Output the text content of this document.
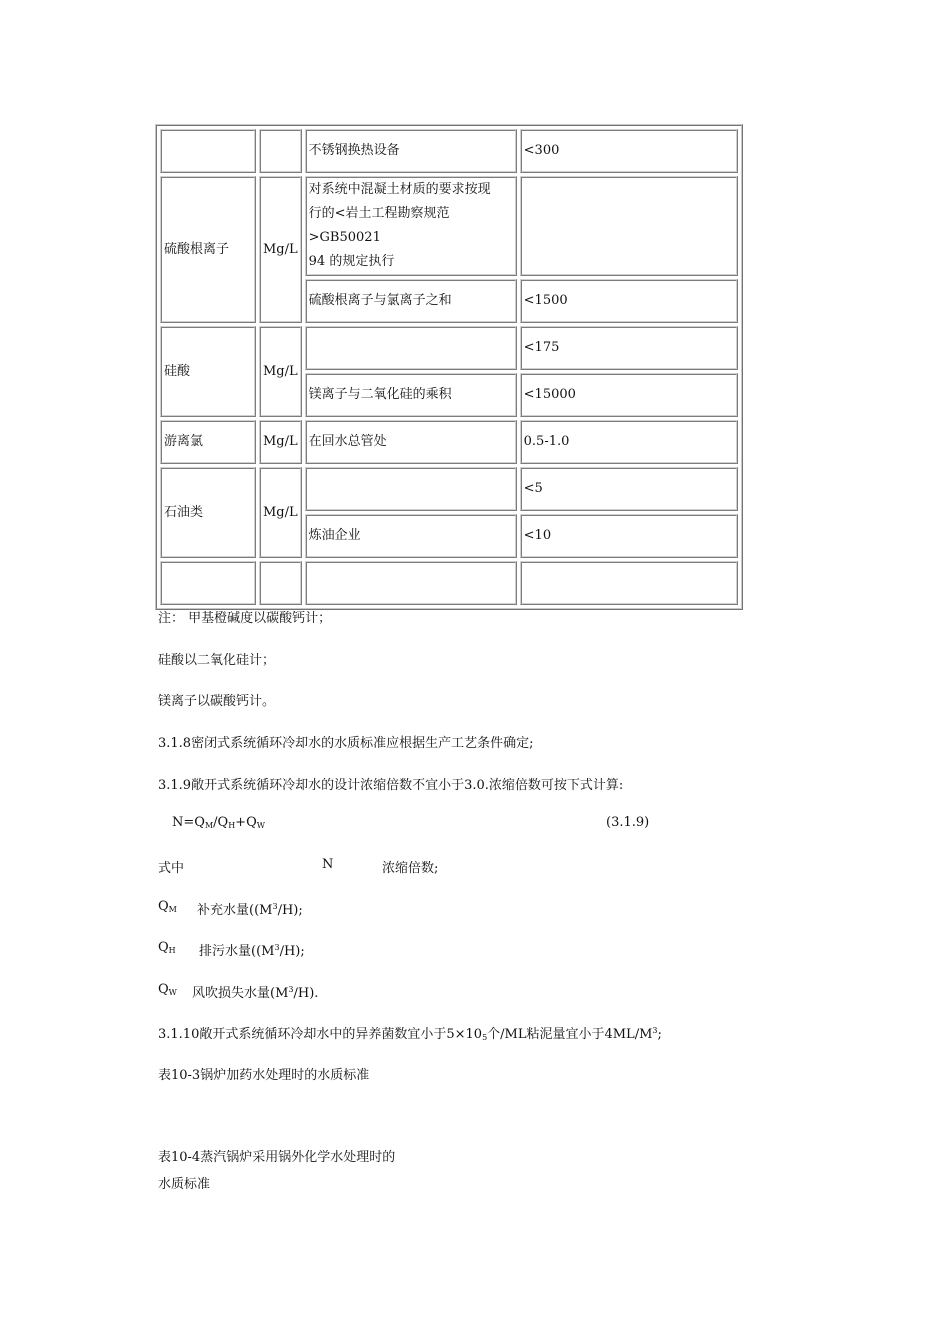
		不锈钢换热设备	<300
硫酸根离子	Mg/L	对系统中混凝土材质的要求按现
行的<岩土工程勘察规范>GB50021
94 的规定执行	

		硫酸根离子与氯离子之和	<1500
硅酸	Mg/L		<175
		镁离子与二氧化硅的乘积	<15000
游离氯	Mg/L	在回水总管处	0.5-1.0
石油类	Mg/L		<5
		炼油企业	<10

注： 甲基橙碱度以碳酸钙计；
硅酸以二氧化硅计；
镁离子以碳酸钙计。
3.1.8密闭式系统循环冷却水的水质标准应根据生产工艺条件确定;
3.1.9敞开式系统循环冷却水的设计浓缩倍数不宜小于3.0.浓缩倍数可按下式计算:
$N=Q_M/Q_H+Q_W$	(3.1.9)
式中	N	浓缩倍数;
$Q_M$ 补充水量($(M^3/H)$;
$Q_H$ 排污水量($(M^3/H)$;
$Q_W$ 风吹损失水量$(M^3/H)$.
3.1.10敞开式系统循环冷却水中的异养菌数宜小于$5\times 10_5$个/ML粘泥量宜小于$4ML/M^3$;
表10-3锅炉加药水处理时的水质标准
表10-4蒸汽锅炉采用锅外化学水处理时的
水质标准
